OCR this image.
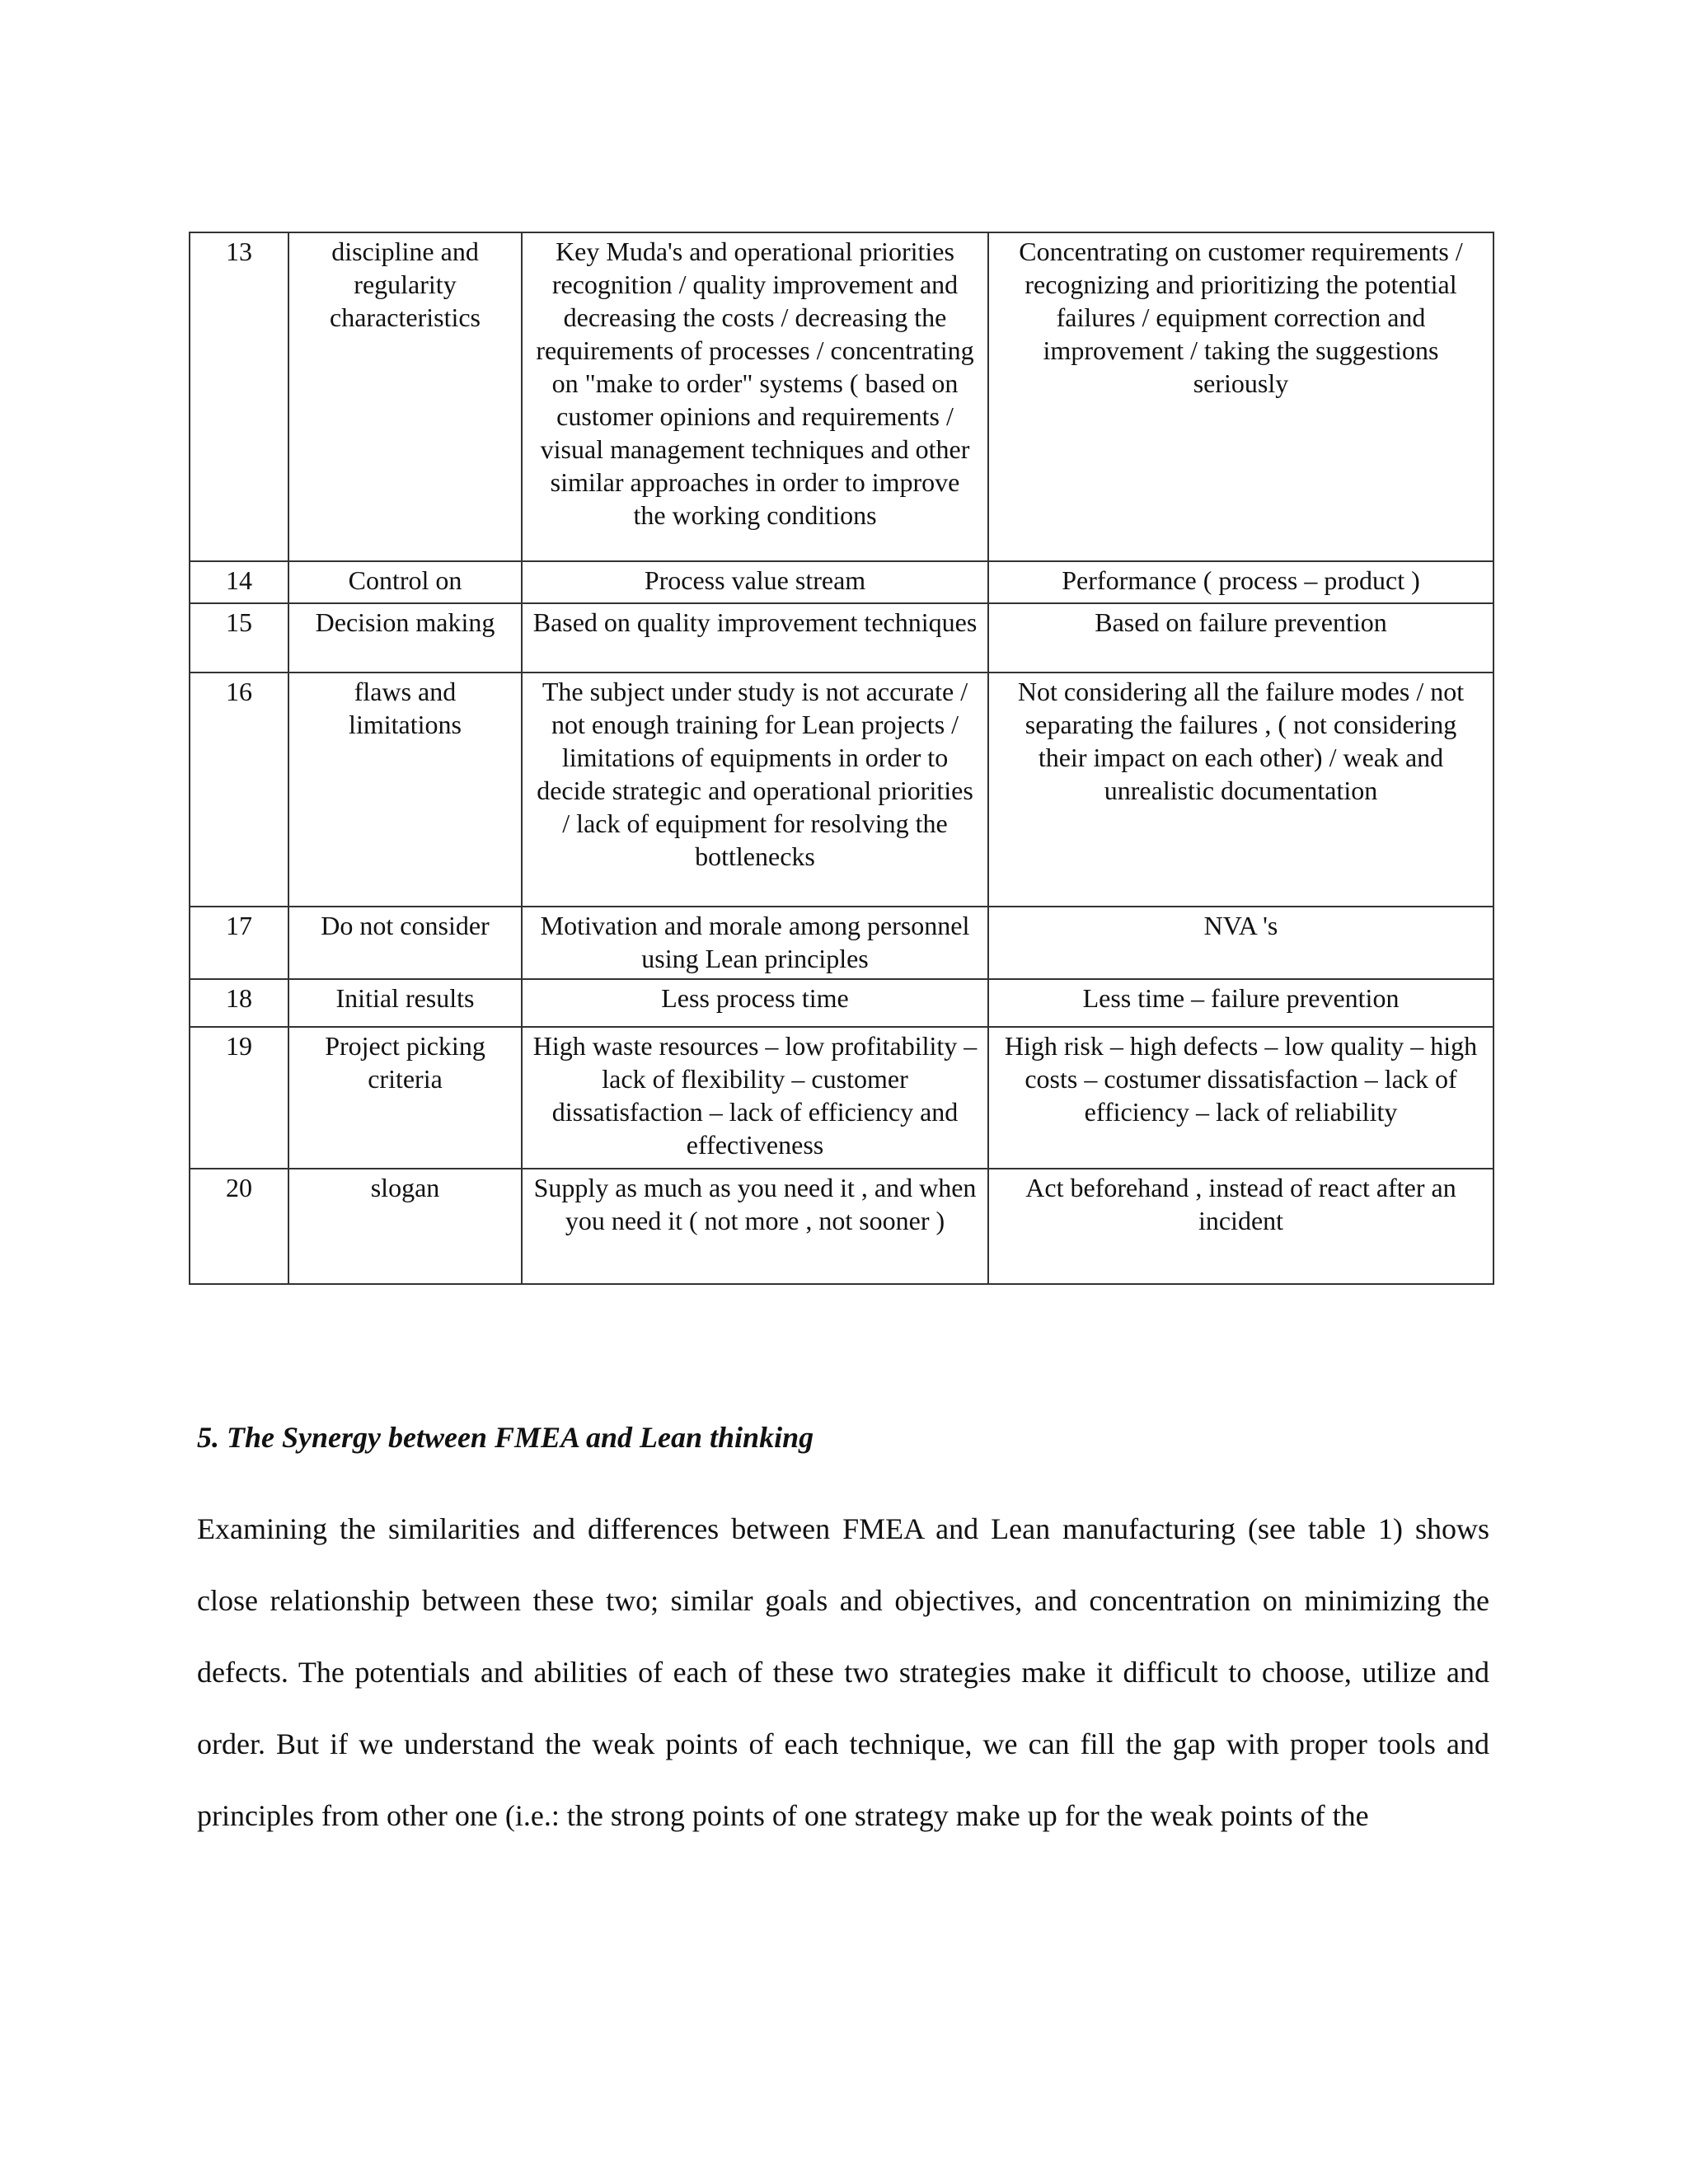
13	discipline and regularity characteristics	Key Muda's and operational priorities recognition / quality improvement and decreasing the costs / decreasing the requirements of processes / concentrating on "make to order" systems ( based on customer opinions and requirements / visual management techniques and other similar approaches in order to improve the working conditions	Concentrating on customer requirements / recognizing and prioritizing the potential failures / equipment correction and improvement / taking the suggestions seriously
14	Control on	Process value stream	Performance ( process – product )
15	Decision making	Based on quality improvement techniques	Based on failure prevention
16	flaws and limitations	The subject under study is not accurate / not enough training for Lean projects / limitations of equipments in order to decide strategic and operational priorities / lack of equipment for resolving the bottlenecks	Not considering all the failure modes / not separating the failures , ( not considering their impact on each other) / weak and unrealistic documentation
17	Do not consider	Motivation and morale among personnel using Lean principles	NVA 's
18	Initial results	Less process time	Less time – failure prevention
19	Project picking criteria	High waste resources – low profitability – lack of flexibility – customer dissatisfaction – lack of efficiency and effectiveness	High risk – high defects – low quality – high costs – costumer dissatisfaction – lack of efficiency – lack of reliability
20	slogan	Supply as much as you need it , and when you need it ( not more , not sooner )	Act beforehand , instead of react after an incident
5. The Synergy between FMEA and Lean thinking

Examining the similarities and differences between FMEA and Lean manufacturing (see table 1) shows close relationship between these two; similar goals and objectives, and concentration on minimizing the defects. The potentials and abilities of each of these two strategies make it difficult to choose, utilize and order. But if we understand the weak points of each technique, we can fill the gap with proper tools and principles from other one (i.e.: the strong points of one strategy make up for the weak points of the
